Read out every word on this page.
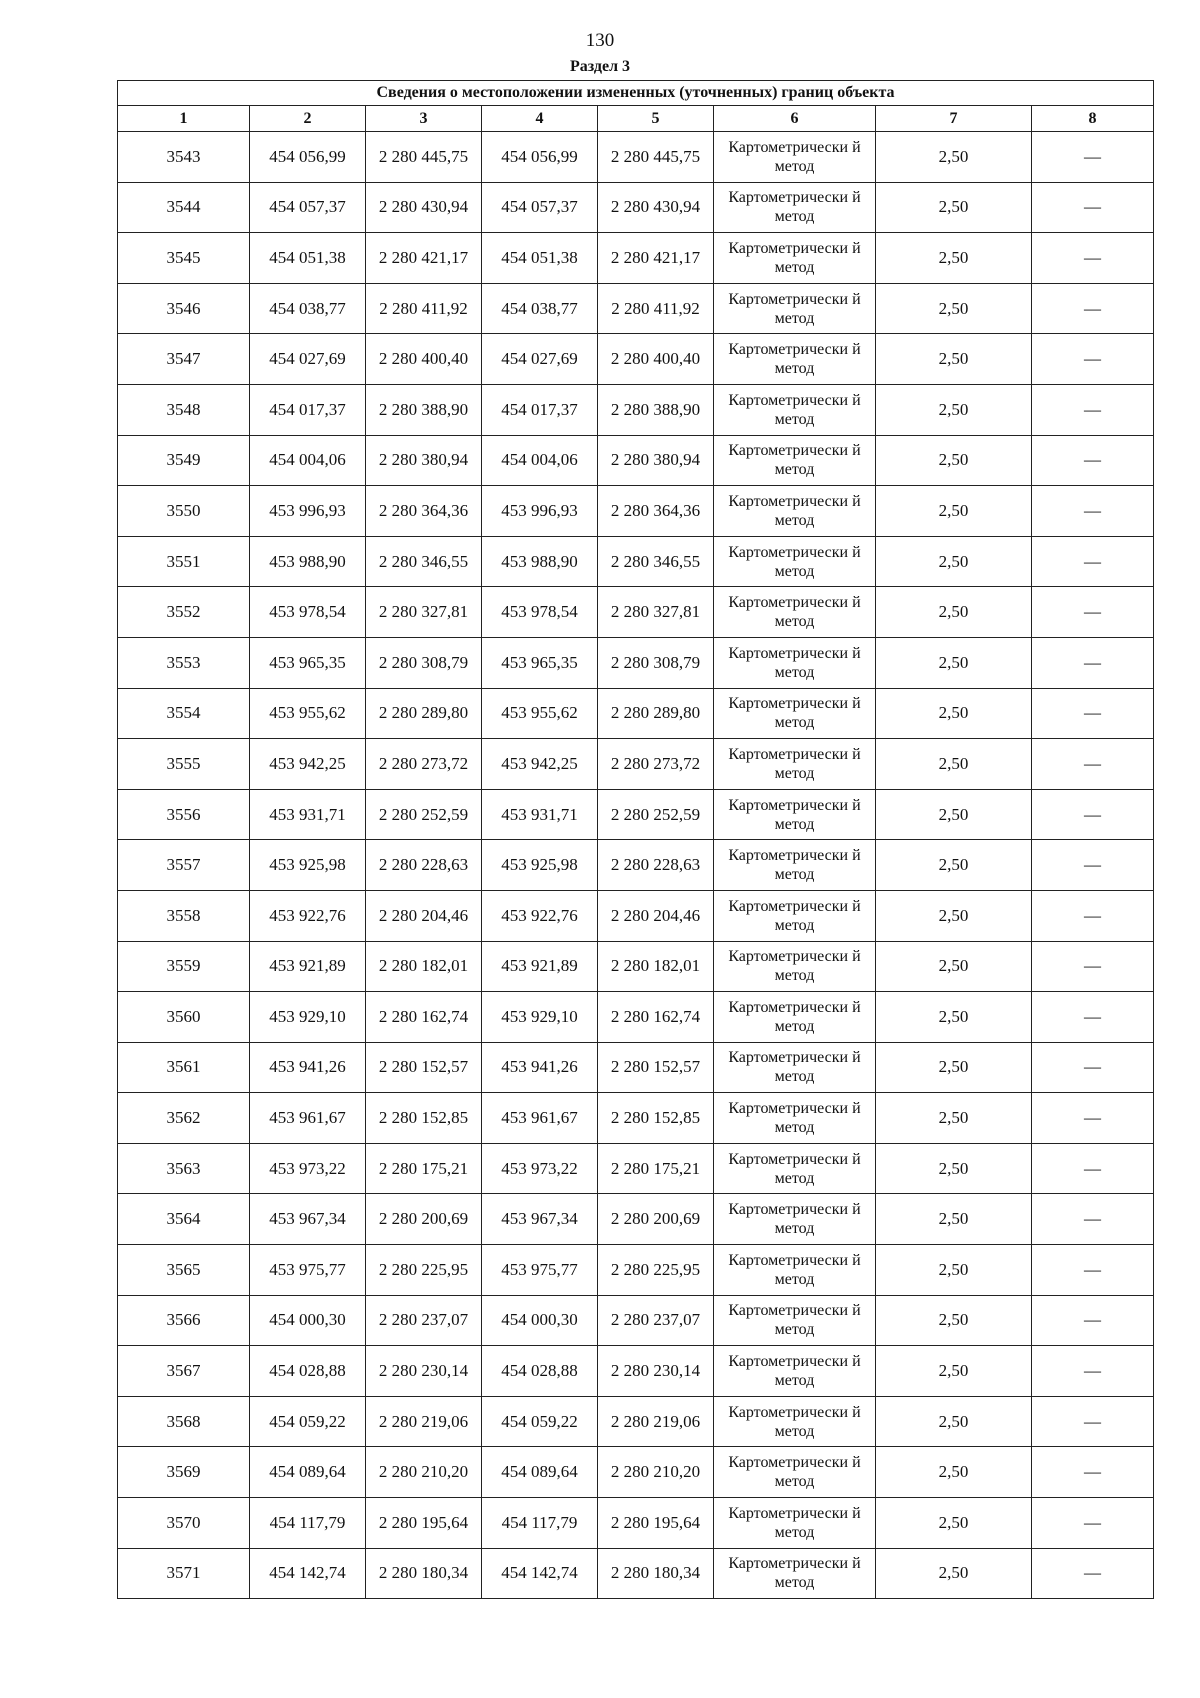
130
Раздел 3
Сведения о местоположении измененных (уточненных) границ объекта							
1	2	3	4	5	6	7	8
3543	454 056,99	2 280 445,75	454 056,99	2 280 445,75	Картометрически й метод	2,50	—
3544	454 057,37	2 280 430,94	454 057,37	2 280 430,94	Картометрически й метод	2,50	—
3545	454 051,38	2 280 421,17	454 051,38	2 280 421,17	Картометрически й метод	2,50	—
3546	454 038,77	2 280 411,92	454 038,77	2 280 411,92	Картометрически й метод	2,50	—
3547	454 027,69	2 280 400,40	454 027,69	2 280 400,40	Картометрически й метод	2,50	—
3548	454 017,37	2 280 388,90	454 017,37	2 280 388,90	Картометрически й метод	2,50	—
3549	454 004,06	2 280 380,94	454 004,06	2 280 380,94	Картометрически й метод	2,50	—
3550	453 996,93	2 280 364,36	453 996,93	2 280 364,36	Картометрически й метод	2,50	—
3551	453 988,90	2 280 346,55	453 988,90	2 280 346,55	Картометрически й метод	2,50	—
3552	453 978,54	2 280 327,81	453 978,54	2 280 327,81	Картометрически й метод	2,50	—
3553	453 965,35	2 280 308,79	453 965,35	2 280 308,79	Картометрически й метод	2,50	—
3554	453 955,62	2 280 289,80	453 955,62	2 280 289,80	Картометрически й метод	2,50	—
3555	453 942,25	2 280 273,72	453 942,25	2 280 273,72	Картометрически й метод	2,50	—
3556	453 931,71	2 280 252,59	453 931,71	2 280 252,59	Картометрически й метод	2,50	—
3557	453 925,98	2 280 228,63	453 925,98	2 280 228,63	Картометрически й метод	2,50	—
3558	453 922,76	2 280 204,46	453 922,76	2 280 204,46	Картометрически й метод	2,50	—
3559	453 921,89	2 280 182,01	453 921,89	2 280 182,01	Картометрически й метод	2,50	—
3560	453 929,10	2 280 162,74	453 929,10	2 280 162,74	Картометрически й метод	2,50	—
3561	453 941,26	2 280 152,57	453 941,26	2 280 152,57	Картометрически й метод	2,50	—
3562	453 961,67	2 280 152,85	453 961,67	2 280 152,85	Картометрически й метод	2,50	—
3563	453 973,22	2 280 175,21	453 973,22	2 280 175,21	Картометрически й метод	2,50	—
3564	453 967,34	2 280 200,69	453 967,34	2 280 200,69	Картометрически й метод	2,50	—
3565	453 975,77	2 280 225,95	453 975,77	2 280 225,95	Картометрически й метод	2,50	—
3566	454 000,30	2 280 237,07	454 000,30	2 280 237,07	Картометрически й метод	2,50	—
3567	454 028,88	2 280 230,14	454 028,88	2 280 230,14	Картометрически й метод	2,50	—
3568	454 059,22	2 280 219,06	454 059,22	2 280 219,06	Картометрически й метод	2,50	—
3569	454 089,64	2 280 210,20	454 089,64	2 280 210,20	Картометрически й метод	2,50	—
3570	454 117,79	2 280 195,64	454 117,79	2 280 195,64	Картометрически й метод	2,50	—
3571	454 142,74	2 280 180,34	454 142,74	2 280 180,34	Картометрически й метод	2,50	—
